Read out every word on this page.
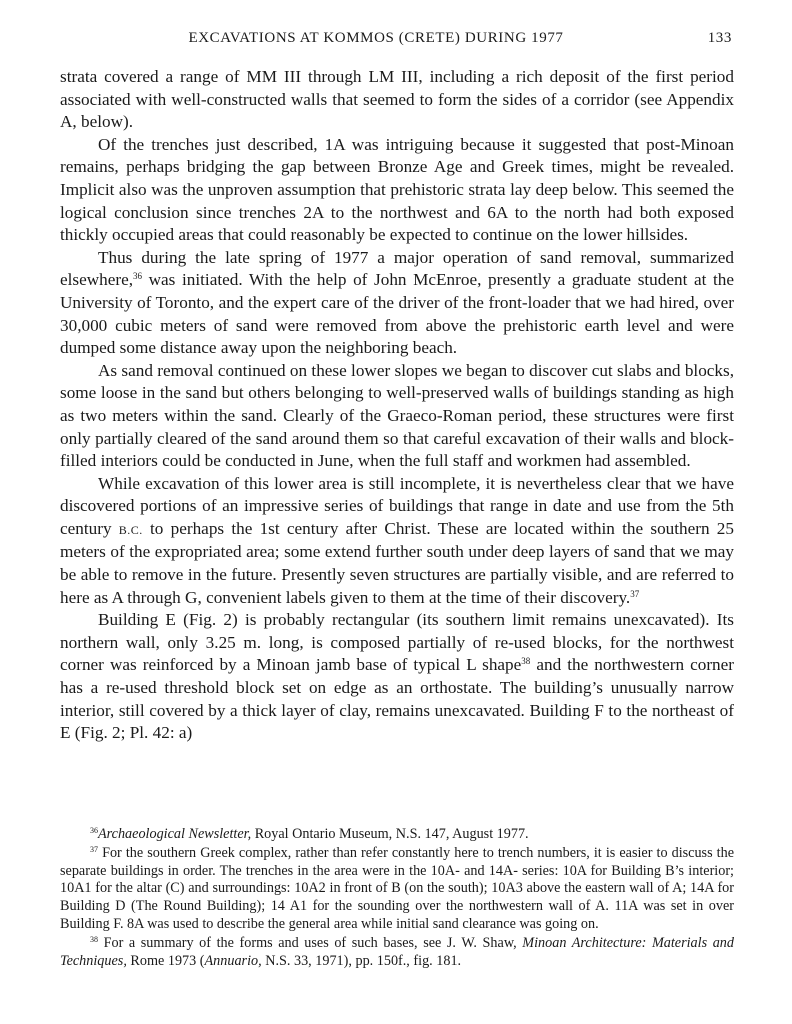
EXCAVATIONS AT KOMMOS (CRETE) DURING 1977	133

strata covered a range of MM III through LM III, including a rich deposit of the first period associated with well-constructed walls that seemed to form the sides of a corridor (see Appendix A, below).

Of the trenches just described, 1A was intriguing because it suggested that post-Minoan remains, perhaps bridging the gap between Bronze Age and Greek times, might be revealed. Implicit also was the unproven assumption that prehistoric strata lay deep below. This seemed the logical conclusion since trenches 2A to the northwest and 6A to the north had both exposed thickly occupied areas that could reasonably be expected to continue on the lower hillsides.

Thus during the late spring of 1977 a major operation of sand removal, summarized elsewhere,$^{36}$ was initiated. With the help of John McEnroe, presently a graduate student at the University of Toronto, and the expert care of the driver of the front-loader that we had hired, over 30,000 cubic meters of sand were removed from above the prehistoric earth level and were dumped some distance away upon the neighboring beach.

As sand removal continued on these lower slopes we began to discover cut slabs and blocks, some loose in the sand but others belonging to well-preserved walls of buildings standing as high as two meters within the sand. Clearly of the Graeco-Roman period, these structures were first only partially cleared of the sand around them so that careful excavation of their walls and block-filled interiors could be conducted in June, when the full staff and workmen had assembled.

While excavation of this lower area is still incomplete, it is nevertheless clear that we have discovered portions of an impressive series of buildings that range in date and use from the 5th century B.C. to perhaps the 1st century after Christ. These are located within the southern 25 meters of the expropriated area; some extend further south under deep layers of sand that we may be able to remove in the future. Presently seven structures are partially visible, and are referred to here as A through G, convenient labels given to them at the time of their discovery.$^{37}$

Building E (Fig. 2) is probably rectangular (its southern limit remains unexcavated). Its northern wall, only 3.25 m. long, is composed partially of re-used blocks, for the northwest corner was reinforced by a Minoan jamb base of typical L shape$^{38}$ and the northwestern corner has a re-used threshold block set on edge as an orthostate. The building’s unusually narrow interior, still covered by a thick layer of clay, remains unexcavated. Building F to the northeast of E (Fig. 2; Pl. 42: a)

$^{36}$Archaeological Newsletter, Royal Ontario Museum, N.S. 147, August 1977.

$^{37}$ For the southern Greek complex, rather than refer constantly here to trench numbers, it is easier to discuss the separate buildings in order. The trenches in the area were in the 10A- and 14A- series: 10A for Building B’s interior; 10A1 for the altar (C) and surroundings: 10A2 in front of B (on the south); 10A3 above the eastern wall of A; 14A for Building D (The Round Building); 14 A1 for the sounding over the northwestern wall of A. 11A was set in over Building F. 8A was used to describe the general area while initial sand clearance was going on.

$^{38}$ For a summary of the forms and uses of such bases, see J. W. Shaw, Minoan Architecture: Materials and Techniques, Rome 1973 (Annuario, N.S. 33, 1971), pp. 150f., fig. 181.
